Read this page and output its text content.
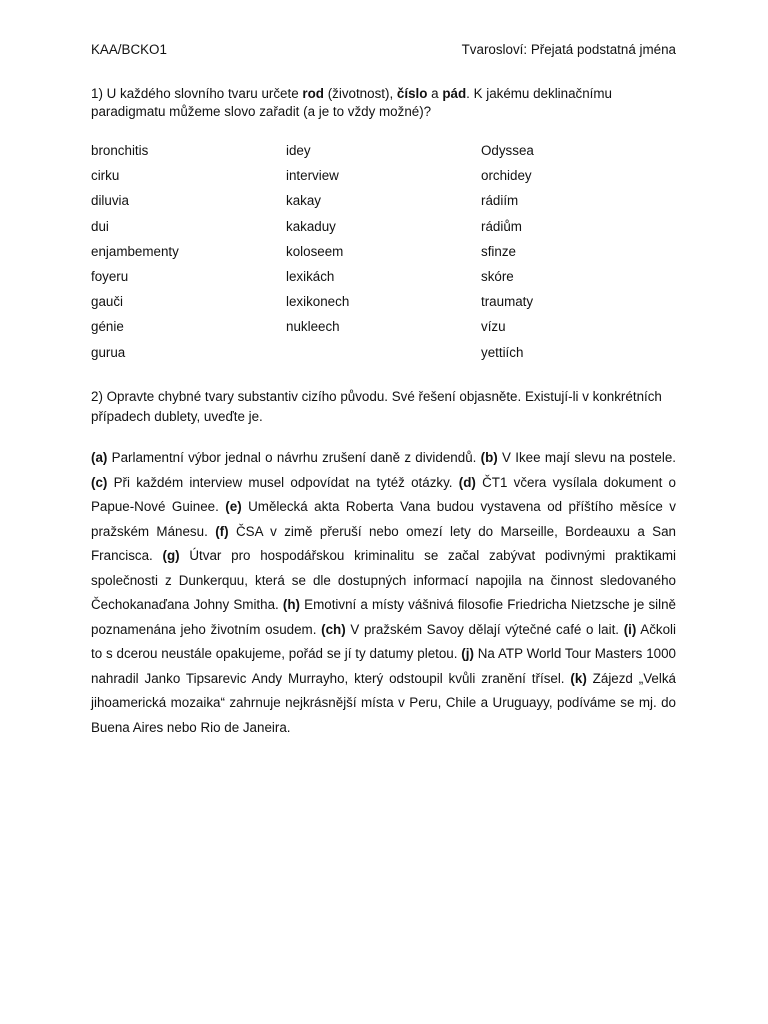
KAA/BCKO1	Tvarosloví: Přejatá podstatná jména
1) U každého slovního tvaru určete rod (životnost), číslo a pád. K jakému deklinačnímu paradigmatu můžeme slovo zařadit (a je to vždy možné)?
bronchitis
cirku
diluvia
dui
enjambementy
foyeru
gauči
génie
gurua
idey
interview
kakay
kakaduy
koloseem
lexikách
lexikonech
nukleech
Odyssea
orchidey
rádiím
rádiům
sfinze
skóre
traumaty
vízu
yettiích
2) Opravte chybné tvary substantiv cizího původu. Své řešení objasněte. Existují-li v konkrétních případech dublety, uveďte je.
(a) Parlamentní výbor jednal o návrhu zrušení daně z dividendů. (b) V Ikee mají slevu na postele. (c) Při každém interview musel odpovídat na tytéž otázky. (d) ČT1 včera vysílala dokument o Papue-Nové Guinee. (e) Umělecká akta Roberta Vana budou vystavena od příštího měsíce v pražském Mánesu. (f) ČSA v zimě přeruší nebo omezí lety do Marseille, Bordeauxu a San Francisca. (g) Útvar pro hospodářskou kriminalitu se začal zabývat podivnými praktikami společnosti z Dunkerquu, která se dle dostupných informací napojila na činnost sledovaného Čechokanaďana Johny Smitha. (h) Emotivní a místy vášnivá filosofie Friedricha Nietzsche je silně poznamenána jeho životním osudem. (ch) V pražském Savoy dělají výtečné café o lait. (i) Ačkoli to s dcerou neustále opakujeme, pořád se jí ty datumy pletou. (j) Na ATP World Tour Masters 1000 nahradil Janko Tipsarevic Andy Murrayho, který odstoupil kvůli zranění třísel. (k) Zájezd „Velká jihoamerická mozaika“ zahrnuje nejkrásnější místa v Peru, Chile a Uruguayy, podíváme se mj. do Buena Aires nebo Rio de Janeira.
